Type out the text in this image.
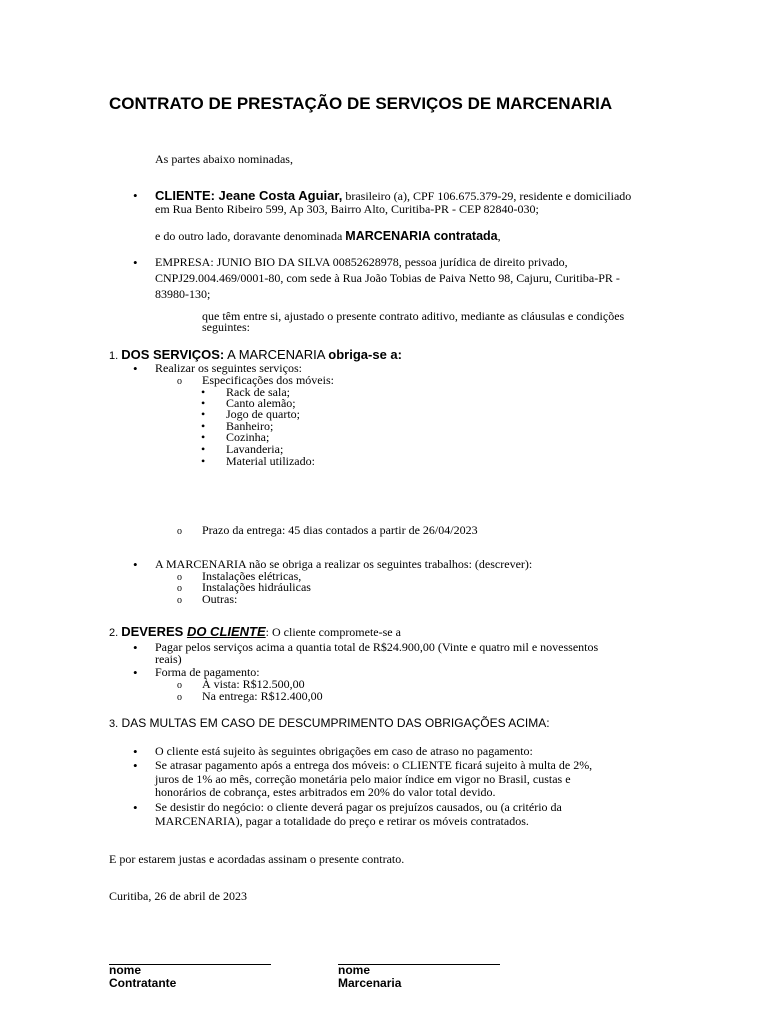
CONTRATO DE PRESTAÇÃO DE SERVIÇOS DE MARCENARIA
As partes abaixo nominadas,
• CLIENTE: Jeane Costa Aguiar, brasileiro (a), CPF 106.675.379-29, residente e domiciliado
em Rua Bento Ribeiro 599, Ap 303, Bairro Alto, Curitiba-PR - CEP 82840-030;
e do outro lado, doravante denominada MARCENARIA contratada,
• EMPRESA: JUNIO BIO DA SILVA 00852628978, pessoa jurídica de direito privado,
CNPJ29.004.469/0001-80, com sede à Rua João Tobias de Paiva Netto 98, Cajuru, Curitiba-PR -
83980-130;
que têm entre si, ajustado o presente contrato aditivo, mediante as cláusulas e condições
seguintes:
1. DOS SERVIÇOS: A MARCENARIA obriga-se a:
• Realizar os seguintes serviços:
o Especificações dos móveis:
• Rack de sala;
• Canto alemão;
• Jogo de quarto;
• Banheiro;
• Cozinha;
• Lavanderia;
• Material utilizado:
o Prazo da entrega: 45 dias contados a partir de 26/04/2023
• A MARCENARIA não se obriga a realizar os seguintes trabalhos: (descrever):
o Instalações elétricas,
o Instalações hidráulicas
o Outras:
2. DEVERES DO CLIENTE: O cliente compromete-se a
• Pagar pelos serviços acima a quantia total de R$24.900,00 (Vinte e quatro mil e novessentos
reais)
• Forma de pagamento:
o À vista: R$12.500,00
o Na entrega: R$12.400,00
3. DAS MULTAS EM CASO DE DESCUMPRIMENTO DAS OBRIGAÇÕES ACIMA:
• O cliente está sujeito às seguintes obrigações em caso de atraso no pagamento:
• Se atrasar pagamento após a entrega dos móveis: o CLIENTE ficará sujeito à multa de 2%,
juros de 1% ao mês, correção monetária pelo maior índice em vigor no Brasil, custas e
honorários de cobrança, estes arbitrados em 20% do valor total devido.
• Se desistir do negócio: o cliente deverá pagar os prejuízos causados, ou (a critério da
MARCENARIA), pagar a totalidade do preço e retirar os móveis contratados.
E por estarem justas e acordadas assinam o presente contrato.
Curitiba, 26 de abril de 2023
nome
Contratante
nome
Marcenaria
